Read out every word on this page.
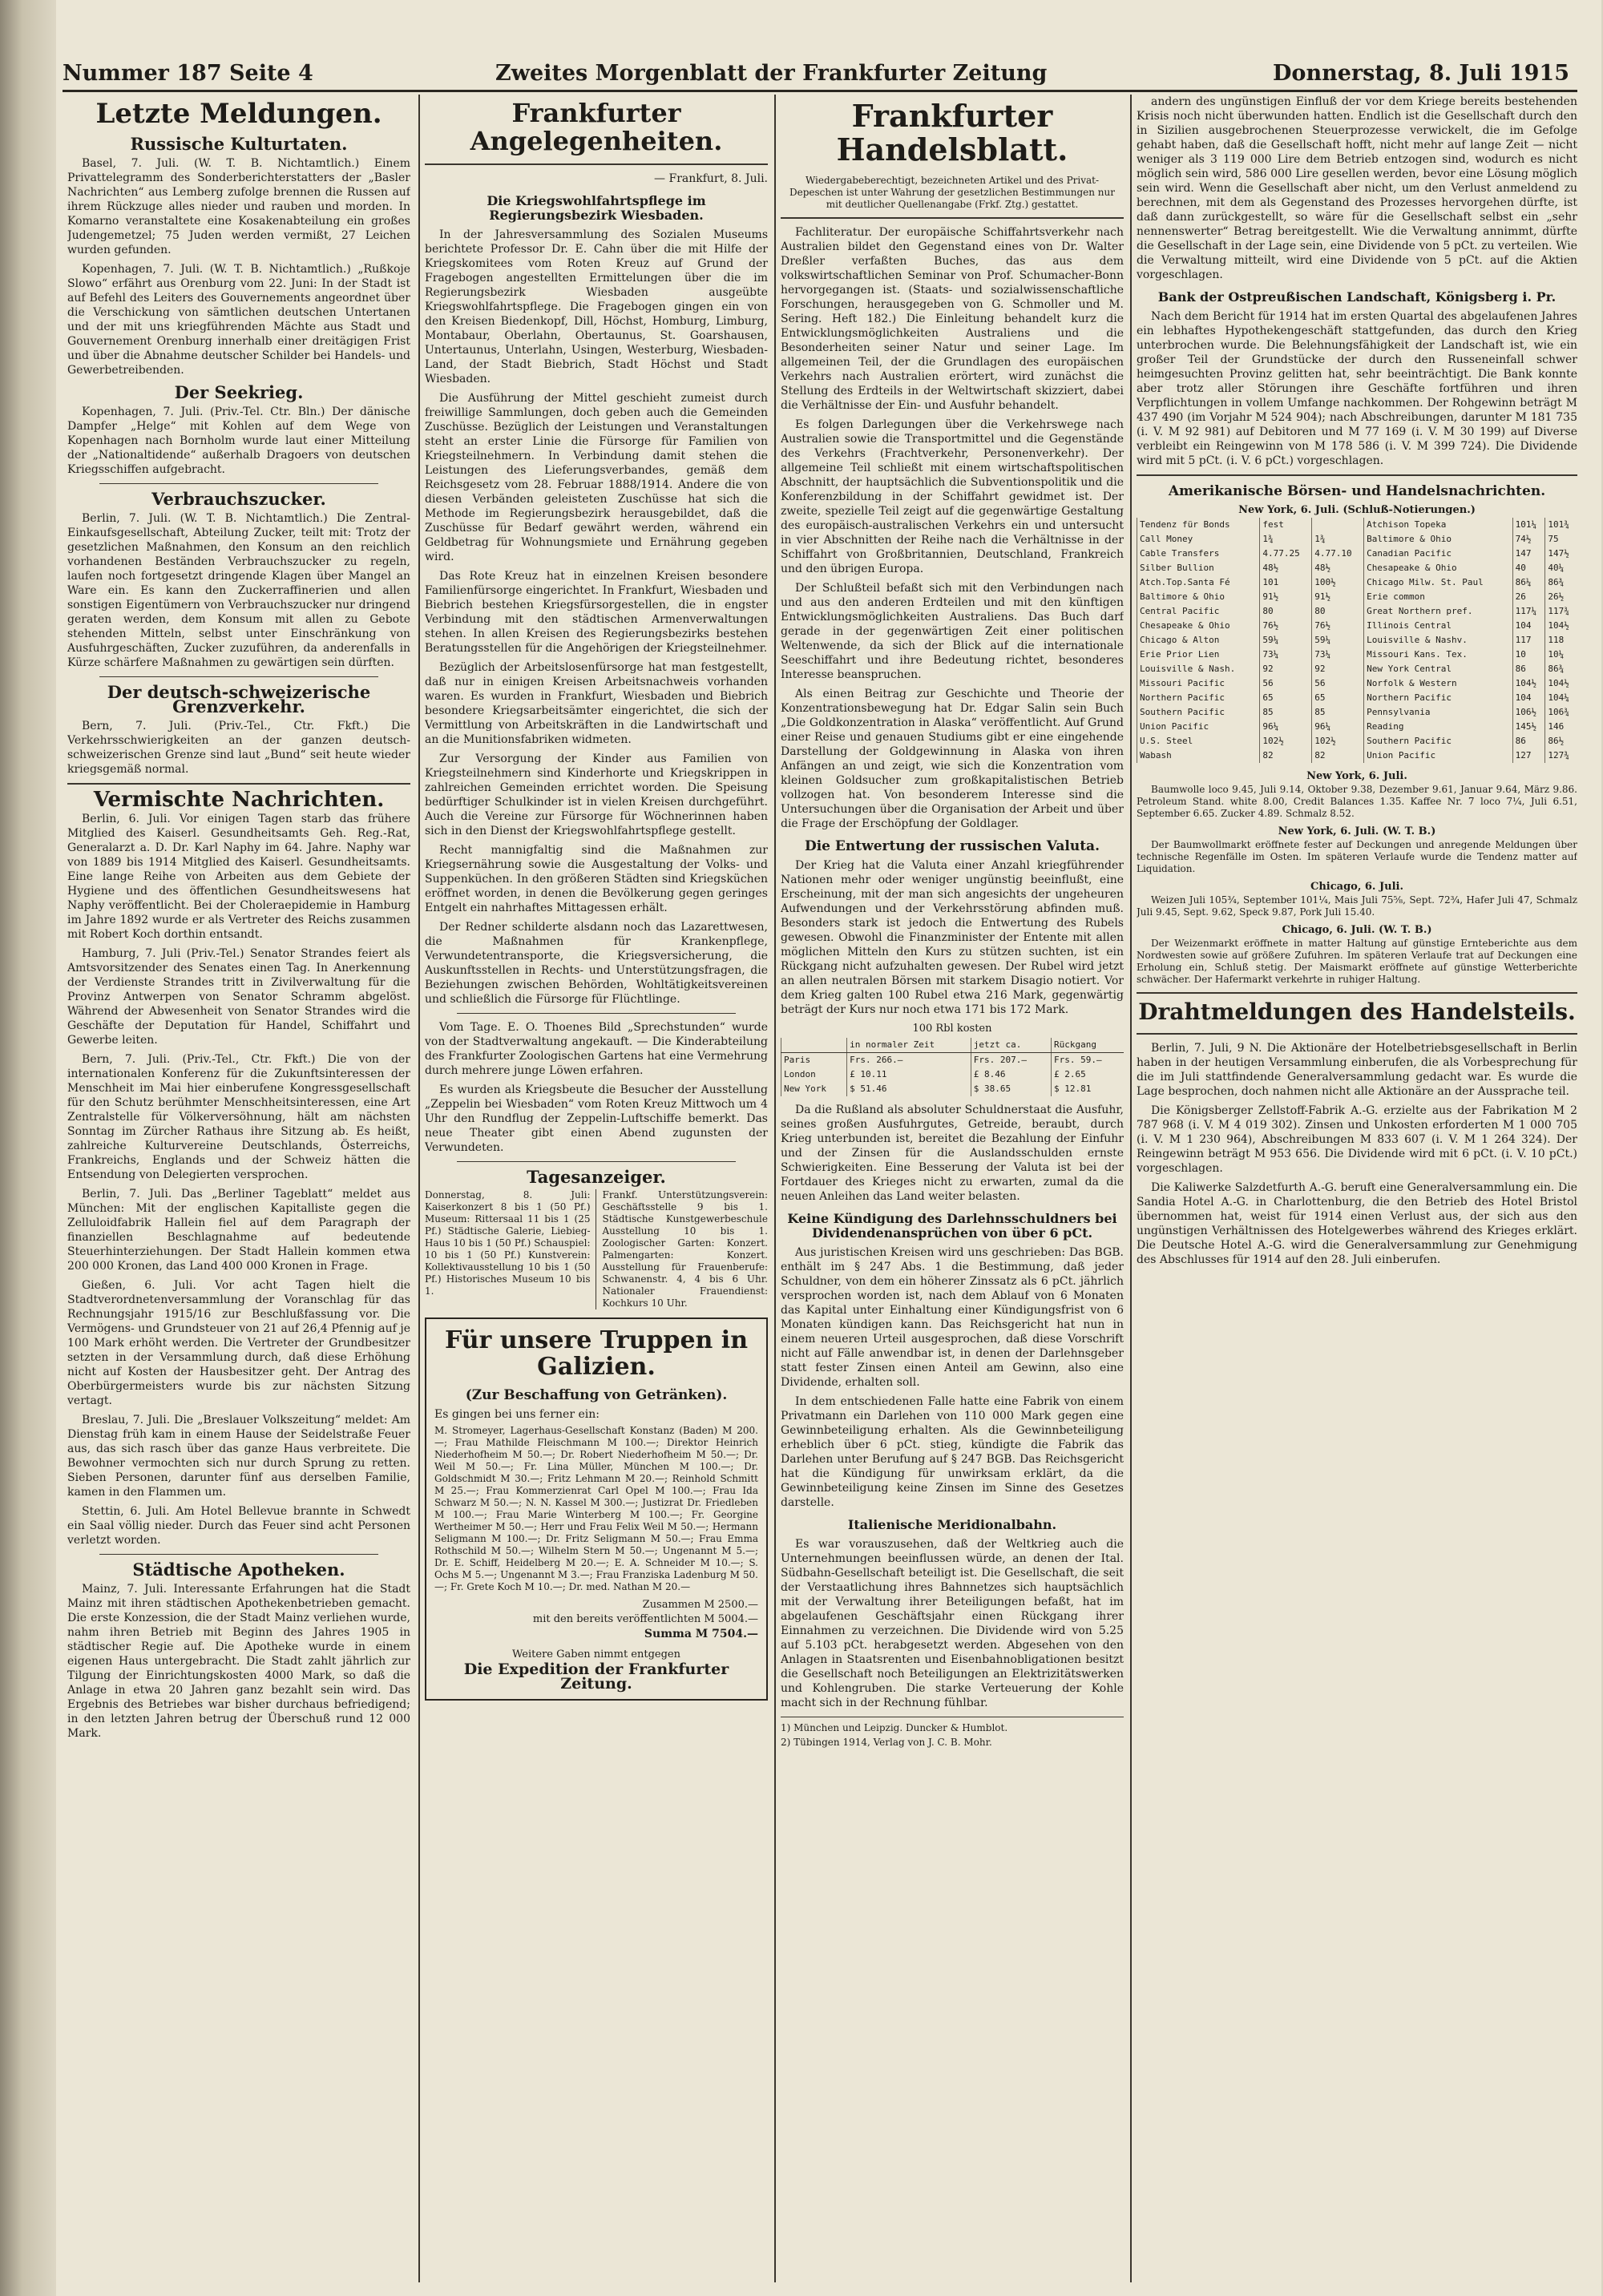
Nummer 187 Seite 4	Zweites Morgenblatt der Frankfurter Zeitung	Donnerstag, 8. Juli 1915
Letzte Meldungen.
Russische Kulturtaten.

Basel, 7. Juli. (W. T. B. Nichtamtlich.) Einem Privattelegramm des Sonderberichterstatters der „Basler Nachrichten“ aus Lemberg zufolge brennen die Russen auf ihrem Rückzuge alles nieder und rauben und morden. In Komarno veranstaltete eine Kosakenabteilung ein großes Judengemetzel; 75 Juden werden vermißt, 27 Leichen wurden gefunden.

Kopenhagen, 7. Juli. (W. T. B. Nichtamtlich.) „Rußkoje Slowo“ erfährt aus Orenburg vom 22. Juni: In der Stadt ist auf Befehl des Leiters des Gouvernements angeordnet über die Verschickung von sämtlichen deutschen Untertanen und der mit uns kriegführenden Mächte aus Stadt und Gouvernement Orenburg innerhalb einer dreitägigen Frist und über die Abnahme deutscher Schilder bei Handels- und Gewerbetreibenden.

Der Seekrieg.

Kopenhagen, 7. Juli. (Priv.-Tel. Ctr. Bln.) Der dänische Dampfer „Helge“ mit Kohlen auf dem Wege von Kopenhagen nach Bornholm wurde laut einer Mitteilung der „Nationaltidende“ außerhalb Dragoers von deutschen Kriegsschiffen aufgebracht.

Verbrauchszucker.

Berlin, 7. Juli. (W. T. B. Nichtamtlich.) Die Zentral-Einkaufsgesellschaft, Abteilung Zucker, teilt mit: Trotz der gesetzlichen Maßnahmen, den Konsum an den reichlich vorhandenen Beständen Verbrauchszucker zu regeln, laufen noch fortgesetzt dringende Klagen über Mangel an Ware ein. Es kann den Zuckerraffinerien und allen sonstigen Eigentümern von Verbrauchszucker nur dringend geraten werden, dem Konsum mit allen zu Gebote stehenden Mitteln, selbst unter Einschränkung von Ausfuhrgeschäften, Zucker zuzuführen, da anderenfalls in Kürze schärfere Maßnahmen zu gewärtigen sein dürften.

Der deutsch-schweizerische Grenzverkehr.

Bern, 7. Juli. (Priv.-Tel., Ctr. Fkft.) Die Verkehrsschwierigkeiten an der ganzen deutsch-schweizerischen Grenze sind laut „Bund“ seit heute wieder kriegsgemäß normal.

Vermischte Nachrichten.

Berlin, 6. Juli. Vor einigen Tagen starb das frühere Mitglied des Kaiserl. Gesundheitsamts Geh. Reg.-Rat, Generalarzt a. D. Dr. Karl Naphy im 64. Jahre. Naphy war von 1889 bis 1914 Mitglied des Kaiserl. Gesundheitsamts. Eine lange Reihe von Arbeiten aus dem Gebiete der Hygiene und des öffentlichen Gesundheitswesens hat Naphy veröffentlicht. Bei der Choleraepidemie in Hamburg im Jahre 1892 wurde er als Vertreter des Reichs zusammen mit Robert Koch dorthin entsandt.

Hamburg, 7. Juli (Priv.-Tel.) Senator Strandes feiert als Amtsvorsitzender des Senates einen Tag. In Anerkennung der Verdienste Strandes tritt in Zivilverwaltung für die Provinz Antwerpen von Senator Schramm abgelöst. Während der Abwesenheit von Senator Strandes wird die Geschäfte der Deputation für Handel, Schiffahrt und Gewerbe leiten.

Bern, 7. Juli. (Priv.-Tel., Ctr. Fkft.) Die von der internationalen Konferenz für die Zukunftsinteressen der Menschheit im Mai hier einberufene Kongressgesellschaft für den Schutz berühmter Menschheitsinteressen, eine Art Zentralstelle für Völkerversöhnung, hält am nächsten Sonntag im Zürcher Rathaus ihre Sitzung ab. Es heißt, zahlreiche Kulturvereine Deutschlands, Österreichs, Frankreichs, Englands und der Schweiz hätten die Entsendung von Delegierten versprochen.

Berlin, 7. Juli. Das „Berliner Tageblatt“ meldet aus München: Mit der englischen Kapitalliste gegen die Zelluloidfabrik Hallein fiel auf dem Paragraph der finanziellen Beschlagnahme auf bedeutende Steuerhinterziehungen. Der Stadt Hallein kommen etwa 200 000 Kronen, das Land 400 000 Kronen in Frage.

Gießen, 6. Juli. Vor acht Tagen hielt die Stadtverordnetenversammlung der Voranschlag für das Rechnungsjahr 1915/16 zur Beschlußfassung vor. Die Vermögens- und Grundsteuer von 21 auf 26,4 Pfennig auf je 100 Mark erhöht werden. Die Vertreter der Grundbesitzer setzten in der Versammlung durch, daß diese Erhöhung nicht auf Kosten der Hausbesitzer geht. Der Antrag des Oberbürgermeisters wurde bis zur nächsten Sitzung vertagt.

Breslau, 7. Juli. Die „Breslauer Volkszeitung“ meldet: Am Dienstag früh kam in einem Hause der Seidelstraße Feuer aus, das sich rasch über das ganze Haus verbreitete. Die Bewohner vermochten sich nur durch Sprung zu retten. Sieben Personen, darunter fünf aus derselben Familie, kamen in den Flammen um.

Stettin, 6. Juli. Am Hotel Bellevue brannte in Schwedt ein Saal völlig nieder. Durch das Feuer sind acht Personen verletzt worden.

Städtische Apotheken.

Mainz, 7. Juli. Interessante Erfahrungen hat die Stadt Mainz mit ihren städtischen Apothekenbetrieben gemacht. Die erste Konzession, die der Stadt Mainz verliehen wurde, nahm ihren Betrieb mit Beginn des Jahres 1905 in städtischer Regie auf. Die Apotheke wurde in einem eigenen Haus untergebracht. Die Stadt zahlt jährlich zur Tilgung der Einrichtungskosten 4000 Mark, so daß die Anlage in etwa 20 Jahren ganz bezahlt sein wird. Das Ergebnis des Betriebes war bisher durchaus befriedigend; in den letzten Jahren betrug der Überschuß rund 12 000 Mark.

Frankfurter Angelegenheiten.
— Frankfurt, 8. Juli.
Die Kriegswohlfahrtspflege im Regierungsbezirk Wiesbaden.

In der Jahresversammlung des Sozialen Museums berichtete Professor Dr. E. Cahn über die mit Hilfe der Kriegskomitees vom Roten Kreuz auf Grund der Fragebogen angestellten Ermittelungen über die im Regierungsbezirk Wiesbaden ausgeübte Kriegswohlfahrtspflege. Die Fragebogen gingen ein von den Kreisen Biedenkopf, Dill, Höchst, Homburg, Limburg, Montabaur, Oberlahn, Obertaunus, St. Goarshausen, Untertaunus, Unterlahn, Usingen, Westerburg, Wiesbaden-Land, der Stadt Biebrich, Stadt Höchst und Stadt Wiesbaden.

Die Ausführung der Mittel geschieht zumeist durch freiwillige Sammlungen, doch geben auch die Gemeinden Zuschüsse. Bezüglich der Leistungen und Veranstaltungen steht an erster Linie die Fürsorge für Familien von Kriegsteilnehmern. In Verbindung damit stehen die Leistungen des Lieferungsverbandes, gemäß dem Reichsgesetz vom 28. Februar 1888/1914. Andere die von diesen Verbänden geleisteten Zuschüsse hat sich die Methode im Regierungsbezirk herausgebildet, daß die Zuschüsse für Bedarf gewährt werden, während ein Geldbetrag für Wohnungsmiete und Ernährung gegeben wird.

Das Rote Kreuz hat in einzelnen Kreisen besondere Familienfürsorge eingerichtet. In Frankfurt, Wiesbaden und Biebrich bestehen Kriegsfürsorgestellen, die in engster Verbindung mit den städtischen Armenverwaltungen stehen. In allen Kreisen des Regierungsbezirks bestehen Beratungsstellen für die Angehörigen der Kriegsteilnehmer.

Bezüglich der Arbeitslosenfürsorge hat man festgestellt, daß nur in einigen Kreisen Arbeitsnachweis vorhanden waren. Es wurden in Frankfurt, Wiesbaden und Biebrich besondere Kriegsarbeitsämter eingerichtet, die sich der Vermittlung von Arbeitskräften in die Landwirtschaft und an die Munitionsfabriken widmeten.

Zur Versorgung der Kinder aus Familien von Kriegsteilnehmern sind Kinderhorte und Kriegskrippen in zahlreichen Gemeinden errichtet worden. Die Speisung bedürftiger Schulkinder ist in vielen Kreisen durchgeführt. Auch die Vereine zur Fürsorge für Wöchnerinnen haben sich in den Dienst der Kriegswohlfahrtspflege gestellt.

Recht mannigfaltig sind die Maßnahmen zur Kriegsernährung sowie die Ausgestaltung der Volks- und Suppenküchen. In den größeren Städten sind Kriegsküchen eröffnet worden, in denen die Bevölkerung gegen geringes Entgelt ein nahrhaftes Mittagessen erhält.

Der Redner schilderte alsdann noch das Lazarettwesen, die Maßnahmen für Krankenpflege, Verwundetentransporte, die Kriegsversicherung, die Auskunftsstellen in Rechts- und Unterstützungsfragen, die Beziehungen zwischen Behörden, Wohltätigkeitsvereinen und schließlich die Fürsorge für Flüchtlinge.

Vom Tage. E. O. Thoenes Bild „Sprechstunden“ wurde von der Stadtverwaltung angekauft. — Die Kinderabteilung des Frankfurter Zoologischen Gartens hat eine Vermehrung durch mehrere junge Löwen erfahren.

Es wurden als Kriegsbeute die Besucher der Ausstellung „Zeppelin bei Wiesbaden“ vom Roten Kreuz Mittwoch um 4 Uhr den Rundflug der Zeppelin-Luftschiffe bemerkt. Das neue Theater gibt einen Abend zugunsten der Verwundeten.

Tagesanzeiger.
Donnerstag, 8. Juli: Kaiserkonzert 8 bis 1 (50 Pf.) Museum: Rittersaal 11 bis 1 (25 Pf.) Städtische Galerie, Liebieg-Haus 10 bis 1 (50 Pf.) Schauspiel: 10 bis 1 (50 Pf.) Kunstverein: Kollektivausstellung 10 bis 1 (50 Pf.) Historisches Museum 10 bis 1.
Frankf. Unterstützungsverein: Geschäftsstelle 9 bis 1. Städtische Kunstgewerbeschule Ausstellung 10 bis 1. Zoologischer Garten: Konzert. Palmengarten: Konzert. Ausstellung für Frauenberufe: Schwanenstr. 4, 4 bis 6 Uhr. Nationaler Frauendienst: Kochkurs 10 Uhr.
Für unsere Truppen in Galizien.
(Zur Beschaffung von Getränken).
Es gingen bei uns ferner ein:

M. Stromeyer, Lagerhaus-Gesellschaft Konstanz (Baden) M 200.—; Frau Mathilde Fleischmann M 100.—; Direktor Heinrich Niederhofheim M 50.—; Dr. Robert Niederhofheim M 50.—; Dr. Weil M 50.—; Fr. Lina Müller, München M 100.—; Dr. Goldschmidt M 30.—; Fritz Lehmann M 20.—; Reinhold Schmitt M 25.—; Frau Kommerzienrat Carl Opel M 100.—; Frau Ida Schwarz M 50.—; N. N. Kassel M 300.—; Justizrat Dr. Friedleben M 100.—; Frau Marie Winterberg M 100.—; Fr. Georgine Wertheimer M 50.—; Herr und Frau Felix Weil M 50.—; Hermann Seligmann M 100.—; Dr. Fritz Seligmann M 50.—; Frau Emma Rothschild M 50.—; Wilhelm Stern M 50.—; Ungenannt M 5.—; Dr. E. Schiff, Heidelberg M 20.—; E. A. Schneider M 10.—; S. Ochs M 5.—; Ungenannt M 3.—; Frau Franziska Ladenburg M 50.—; Fr. Grete Koch M 10.—; Dr. med. Nathan M 20.—

Zusammen M 2500.—
mit den bereits veröffentlichten M 5004.—
Summa M 7504.—
Weitere Gaben nimmt entgegen
Die Expedition der Frankfurter Zeitung.
Frankfurter Handelsblatt.
Wiedergabeberechtigt, bezeichneten Artikel und des Privat-Depeschen ist unter Wahrung der gesetzlichen Bestimmungen nur mit deutlicher Quellenangabe (Frkf. Ztg.) gestattet.

Fachliteratur. Der europäische Schiffahrtsverkehr nach Australien bildet den Gegenstand eines von Dr. Walter Dreßler verfaßten Buches, das aus dem volkswirtschaftlichen Seminar von Prof. Schumacher-Bonn hervorgegangen ist. (Staats- und sozialwissenschaftliche Forschungen, herausgegeben von G. Schmoller und M. Sering. Heft 182.) Die Einleitung behandelt kurz die Entwicklungsmöglichkeiten Australiens und die Besonderheiten seiner Natur und seiner Lage. Im allgemeinen Teil, der die Grundlagen des europäischen Verkehrs nach Australien erörtert, wird zunächst die Stellung des Erdteils in der Weltwirtschaft skizziert, dabei die Verhältnisse der Ein- und Ausfuhr behandelt.

Es folgen Darlegungen über die Verkehrswege nach Australien sowie die Transportmittel und die Gegenstände des Verkehrs (Frachtverkehr, Personenverkehr). Der allgemeine Teil schließt mit einem wirtschaftspolitischen Abschnitt, der hauptsächlich die Subventionspolitik und die Konferenzbildung in der Schiffahrt gewidmet ist. Der zweite, spezielle Teil zeigt auf die gegenwärtige Gestaltung des europäisch-australischen Verkehrs ein und untersucht in vier Abschnitten der Reihe nach die Verhältnisse in der Schiffahrt von Großbritannien, Deutschland, Frankreich und den übrigen Europa.

Der Schlußteil befaßt sich mit den Verbindungen nach und aus den anderen Erdteilen und mit den künftigen Entwicklungsmöglichkeiten Australiens. Das Buch darf gerade in der gegenwärtigen Zeit einer politischen Weltenwende, da sich der Blick auf die internationale Seeschiffahrt und ihre Bedeutung richtet, besonderes Interesse beanspruchen.

Als einen Beitrag zur Geschichte und Theorie der Konzentrationsbewegung hat Dr. Edgar Salin sein Buch „Die Goldkonzentration in Alaska“ veröffentlicht. Auf Grund einer Reise und genauen Studiums gibt er eine eingehende Darstellung der Goldgewinnung in Alaska von ihren Anfängen an und zeigt, wie sich die Konzentration vom kleinen Goldsucher zum großkapitalistischen Betrieb vollzogen hat. Von besonderem Interesse sind die Untersuchungen über die Organisation der Arbeit und über die Frage der Erschöpfung der Goldlager.

Die Entwertung der russischen Valuta.

Der Krieg hat die Valuta einer Anzahl kriegführender Nationen mehr oder weniger ungünstig beeinflußt, eine Erscheinung, mit der man sich angesichts der ungeheuren Aufwendungen und der Verkehrsstörung abfinden muß. Besonders stark ist jedoch die Entwertung des Rubels gewesen. Obwohl die Finanzminister der Entente mit allen möglichen Mitteln den Kurs zu stützen suchten, ist ein Rückgang nicht aufzuhalten gewesen. Der Rubel wird jetzt an allen neutralen Börsen mit starkem Disagio notiert. Vor dem Krieg galten 100 Rubel etwa 216 Mark, gegenwärtig beträgt der Kurs nur noch etwa 171 bis 172 Mark.

100 Rbl kosten
	in normaler Zeit	jetzt ca.	Rückgang
Paris	Frs. 266.—	Frs. 207.—	Frs. 59.—
London	£ 10.11	£ 8.46	£ 2.65
New York	$ 51.46	$ 38.65	$ 12.81

Da die Rußland als absoluter Schuldnerstaat die Ausfuhr, seines großen Ausfuhrgutes, Getreide, beraubt, durch Krieg unterbunden ist, bereitet die Bezahlung der Einfuhr und der Zinsen für die Auslandsschulden ernste Schwierigkeiten. Eine Besserung der Valuta ist bei der Fortdauer des Krieges nicht zu erwarten, zumal da die neuen Anleihen das Land weiter belasten.

Keine Kündigung des Darlehnsschuldners bei Dividendenansprüchen von über 6 pCt.

Aus juristischen Kreisen wird uns geschrieben: Das BGB. enthält im § 247 Abs. 1 die Bestimmung, daß jeder Schuldner, von dem ein höherer Zinssatz als 6 pCt. jährlich versprochen worden ist, nach dem Ablauf von 6 Monaten das Kapital unter Einhaltung einer Kündigungsfrist von 6 Monaten kündigen kann. Das Reichsgericht hat nun in einem neueren Urteil ausgesprochen, daß diese Vorschrift nicht auf Fälle anwendbar ist, in denen der Darlehnsgeber statt fester Zinsen einen Anteil am Gewinn, also eine Dividende, erhalten soll.

In dem entschiedenen Falle hatte eine Fabrik von einem Privatmann ein Darlehen von 110 000 Mark gegen eine Gewinnbeteiligung erhalten. Als die Gewinnbeteiligung erheblich über 6 pCt. stieg, kündigte die Fabrik das Darlehen unter Berufung auf § 247 BGB. Das Reichsgericht hat die Kündigung für unwirksam erklärt, da die Gewinnbeteiligung keine Zinsen im Sinne des Gesetzes darstelle.

Italienische Meridionalbahn.

Es war vorauszusehen, daß der Weltkrieg auch die Unternehmungen beeinflussen würde, an denen der Ital. Südbahn-Gesellschaft beteiligt ist. Die Gesellschaft, die seit der Verstaatlichung ihres Bahnnetzes sich hauptsächlich mit der Verwaltung ihrer Beteiligungen befaßt, hat im abgelaufenen Geschäftsjahr einen Rückgang ihrer Einnahmen zu verzeichnen. Die Dividende wird von 5.25 auf 5.103 pCt. herabgesetzt werden. Abgesehen von den Anlagen in Staatsrenten und Eisenbahnobligationen besitzt die Gesellschaft noch Beteiligungen an Elektrizitätswerken und Kohlengruben. Die starke Verteuerung der Kohle macht sich in der Rechnung fühlbar.

1) München und Leipzig. Duncker & Humblot.
2) Tübingen 1914, Verlag von J. C. B. Mohr.

andern des ungünstigen Einfluß der vor dem Kriege bereits bestehenden Krisis noch nicht überwunden hatten. Endlich ist die Gesellschaft durch den in Sizilien ausgebrochenen Steuerprozesse verwickelt, die im Gefolge gehabt haben, daß die Gesellschaft hofft, nicht mehr auf lange Zeit — nicht weniger als 3 119 000 Lire dem Betrieb entzogen sind, wodurch es nicht möglich sein wird, 586 000 Lire gesellen werden, bevor eine Lösung möglich sein wird. Wenn die Gesellschaft aber nicht, um den Verlust anmeldend zu berechnen, mit dem als Gegenstand des Prozesses hervorgehen dürfte, ist daß dann zurückgestellt, so wäre für die Gesellschaft selbst ein „sehr nennenswerter“ Betrag bereitgestellt. Wie die Verwaltung annimmt, dürfte die Gesellschaft in der Lage sein, eine Dividende von 5 pCt. zu verteilen. Wie die Verwaltung mitteilt, wird eine Dividende von 5 pCt. auf die Aktien vorgeschlagen.

Bank der Ostpreußischen Landschaft, Königsberg i. Pr.

Nach dem Bericht für 1914 hat im ersten Quartal des abgelaufenen Jahres ein lebhaftes Hypothekengeschäft stattgefunden, das durch den Krieg unterbrochen wurde. Die Belehnungsfähigkeit der Landschaft ist, wie ein großer Teil der Grundstücke der durch den Russeneinfall schwer heimgesuchten Provinz gelitten hat, sehr beeinträchtigt. Die Bank konnte aber trotz aller Störungen ihre Geschäfte fortführen und ihren Verpflichtungen in vollem Umfange nachkommen. Der Rohgewinn beträgt M 437 490 (im Vorjahr M 524 904); nach Abschreibungen, darunter M 181 735 (i. V. M 92 981) auf Debitoren und M 77 169 (i. V. M 30 199) auf Diverse verbleibt ein Reingewinn von M 178 586 (i. V. M 399 724). Die Dividende wird mit 5 pCt. (i. V. 6 pCt.) vorgeschlagen.

Amerikanische Börsen- und Handelsnachrichten.
New York, 6. Juli. (Schluß-Notierungen.)
Tendenz für Bonds	fest		Atchison Topeka	101¼	101¾
Call Money	1¾	1¾	Baltimore & Ohio	74½	75
Cable Transfers	4.77.25	4.77.10	Canadian Pacific	147	147½
Silber Bullion	48½	48½	Chesapeake & Ohio	40	40¼
Atch.Top.Santa Fé	101	100½	Chicago Milw. St. Paul	86¼	86¾
Baltimore & Ohio	91½	91½	Erie common	26	26½
Central Pacific	80	80	Great Northern pref.	117¼	117¾
Chesapeake & Ohio	76½	76½	Illinois Central	104	104½
Chicago & Alton	59¼	59¼	Louisville & Nashv.	117	118
Erie Prior Lien	73¼	73¼	Missouri Kans. Tex.	10	10¼
Louisville & Nash.	92	92	New York Central	86	86¾
Missouri Pacific	56	56	Norfolk & Western	104½	104½
Northern Pacific	65	65	Northern Pacific	104	104¼
Southern Pacific	85	85	Pennsylvania	106½	106¾
Union Pacific	96¼	96¼	Reading	145½	146
U.S. Steel	102½	102½	Southern Pacific	86	86½
Wabash	82	82	Union Pacific	127	127¾
New York, 6. Juli.

Baumwolle loco 9.45, Juli 9.14, Oktober 9.38, Dezember 9.61, Januar 9.64, März 9.86. Petroleum Stand. white 8.00, Credit Balances 1.35. Kaffee Nr. 7 loco 7¼, Juli 6.51, September 6.65. Zucker 4.89. Schmalz 8.52.

New York, 6. Juli. (W. T. B.)

Der Baumwollmarkt eröffnete fester auf Deckungen und anregende Meldungen über technische Regenfälle im Osten. Im späteren Verlaufe wurde die Tendenz matter auf Liquidation.

Chicago, 6. Juli.

Weizen Juli 105¾, September 101¼, Mais Juli 75⅝, Sept. 72¾, Hafer Juli 47, Schmalz Juli 9.45, Sept. 9.62, Speck 9.87, Pork Juli 15.40.

Chicago, 6. Juli. (W. T. B.)

Der Weizenmarkt eröffnete in matter Haltung auf günstige Ernteberichte aus dem Nordwesten sowie auf größere Zufuhren. Im späteren Verlaufe trat auf Deckungen eine Erholung ein, Schluß stetig. Der Maismarkt eröffnete auf günstige Wetterberichte schwächer. Der Hafermarkt verkehrte in ruhiger Haltung.

Drahtmeldungen des Handelsteils.

Berlin, 7. Juli, 9 N. Die Aktionäre der Hotelbetriebsgesellschaft in Berlin haben in der heutigen Versammlung einberufen, die als Vorbesprechung für die im Juli stattfindende Generalversammlung gedacht war. Es wurde die Lage besprochen, doch nahmen nicht alle Aktionäre an der Aussprache teil.

Die Königsberger Zellstoff-Fabrik A.-G. erzielte aus der Fabrikation M 2 787 968 (i. V. M 4 019 302). Zinsen und Unkosten erforderten M 1 000 705 (i. V. M 1 230 964), Abschreibungen M 833 607 (i. V. M 1 264 324). Der Reingewinn beträgt M 953 656. Die Dividende wird mit 6 pCt. (i. V. 10 pCt.) vorgeschlagen.

Die Kaliwerke Salzdetfurth A.-G. beruft eine Generalversammlung ein. Die Sandia Hotel A.-G. in Charlottenburg, die den Betrieb des Hotel Bristol übernommen hat, weist für 1914 einen Verlust aus, der sich aus den ungünstigen Verhältnissen des Hotelgewerbes während des Krieges erklärt. Die Deutsche Hotel A.-G. wird die Generalversammlung zur Genehmigung des Abschlusses für 1914 auf den 28. Juli einberufen.
